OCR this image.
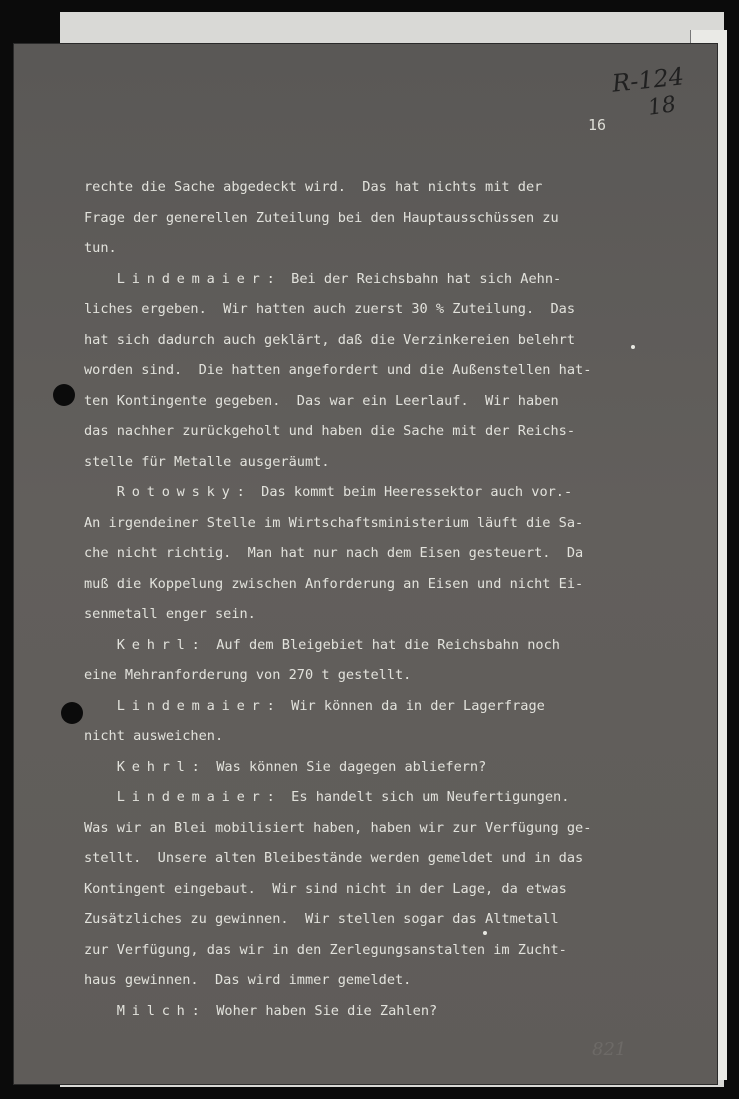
R-124
18
16
rechte die Sache abgedeckt wird.  Das hat nichts mit der
Frage der generellen Zuteilung bei den Hauptausschüssen zu
tun.
Lindemaier:  Bei der Reichsbahn hat sich Aehn-
liches ergeben.  Wir hatten auch zuerst 30 % Zuteilung.  Das
hat sich dadurch auch geklärt, daß die Verzinkereien belehrt
worden sind.  Die hatten angefordert und die Außenstellen hat-
ten Kontingente gegeben.  Das war ein Leerlauf.  Wir haben
das nachher zurückgeholt und haben die Sache mit der Reichs-
stelle für Metalle ausgeräumt.
Rotowsky:  Das kommt beim Heeressektor auch vor.-
An irgendeiner Stelle im Wirtschaftsministerium läuft die Sa-
che nicht richtig.  Man hat nur nach dem Eisen gesteuert.  Da
muß die Koppelung zwischen Anforderung an Eisen und nicht Ei-
senmetall enger sein.
Kehrl:  Auf dem Bleigebiet hat die Reichsbahn noch
eine Mehranforderung von 270 t gestellt.
Lindemaier:  Wir können da in der Lagerfrage
nicht ausweichen.
Kehrl:  Was können Sie dagegen abliefern?
Lindemaier:  Es handelt sich um Neufertigungen.
Was wir an Blei mobilisiert haben, haben wir zur Verfügung ge-
stellt.  Unsere alten Bleibestände werden gemeldet und in das
Kontingent eingebaut.  Wir sind nicht in der Lage, da etwas
Zusätzliches zu gewinnen.  Wir stellen sogar das Altmetall
zur Verfügung, das wir in den Zerlegungsanstalten im Zucht-
haus gewinnen.  Das wird immer gemeldet.
Milch:  Woher haben Sie die Zahlen?
821
